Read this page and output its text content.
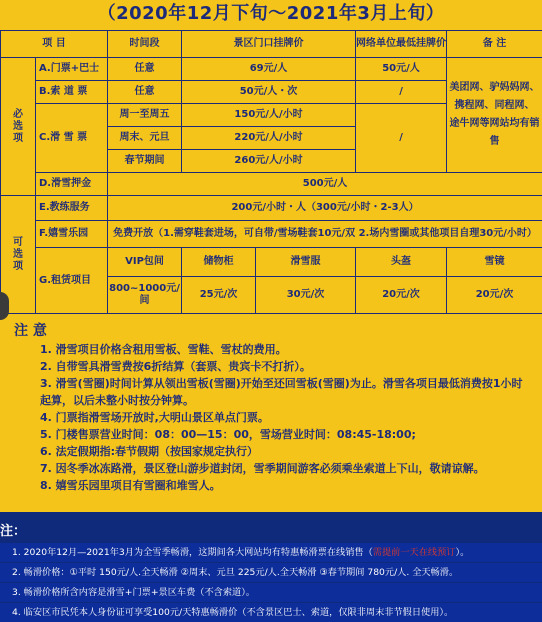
（2020年12月下旬～2021年3月上旬）
项 目		时间段	景区门口挂牌价		网络单位最低挂牌价	备 注	
必
选
项	A.门票+巴士	任意	69元/人		50元/人	美团网、驴妈妈网、
携程网、同程网、
途牛网等网站均有销售	
	B.索 道 票	任意	50元/人・次		/		
	C.滑 雪 票	周一至周五	150元/人/小时		/		
		周末、元旦	220元/人/小时				
		春节期间	260元/人/小时				
	D.滑雪押金	500元/人					
可
选
项	E.教练服务	200元/小时・人（300元/小时・2-3人）					
	F.嬉雪乐园	免费开放（1.需穿鞋套进场，可自带/雪场鞋套10元/双 2.场内雪圈或其他项目自理30元/小时）					
	G.租赁项目	VIP包间	储物柜	滑雪服	头盔	雪镜	
		800~1000元/间	25元/次	30元/次	20元/次	20元/次	
注 意
1. 滑雪项目价格含租用雪板、雪鞋、雪杖的费用。
2. 自带雪具滑雪费按6折结算（套票、贵宾卡不打折）。
3. 滑雪(雪圈)时间计算从领出雪板(雪圈)开始至还回雪板(雪圈)为止。滑雪各项目最低消费按1小时起算，以后未整小时按分钟算。
4. 门票指滑雪场开放时,大明山景区单点门票。
5. 门楼售票营业时间：08：00—15：00，雪场营业时间：08:45-18:00;
6. 法定假期指:春节假期（按国家规定执行）
7. 因冬季冰冻路滑，景区登山游步道封闭，雪季期间游客必须乘坐索道上下山，敬请谅解。
8. 嬉雪乐园里项目有雪圈和堆雪人。
注：
1. 2020年12月—2021年3月为全雪季畅滑，这期间各大网站均有特惠畅滑票在线销售（需提前一天在线预订）。
2. 畅滑价格：①平时 150元/人.全天畅滑 ②周末、元旦 225元/人.全天畅滑 ③春节期间 780元/人. 全天畅滑。
3. 畅滑价格所含内容是滑雪+门票+景区车费（不含索道）。
4. 临安区市民凭本人身份证可享受100元/天特惠畅滑价（不含景区巴士、索道，仅限非周末非节假日使用）。
